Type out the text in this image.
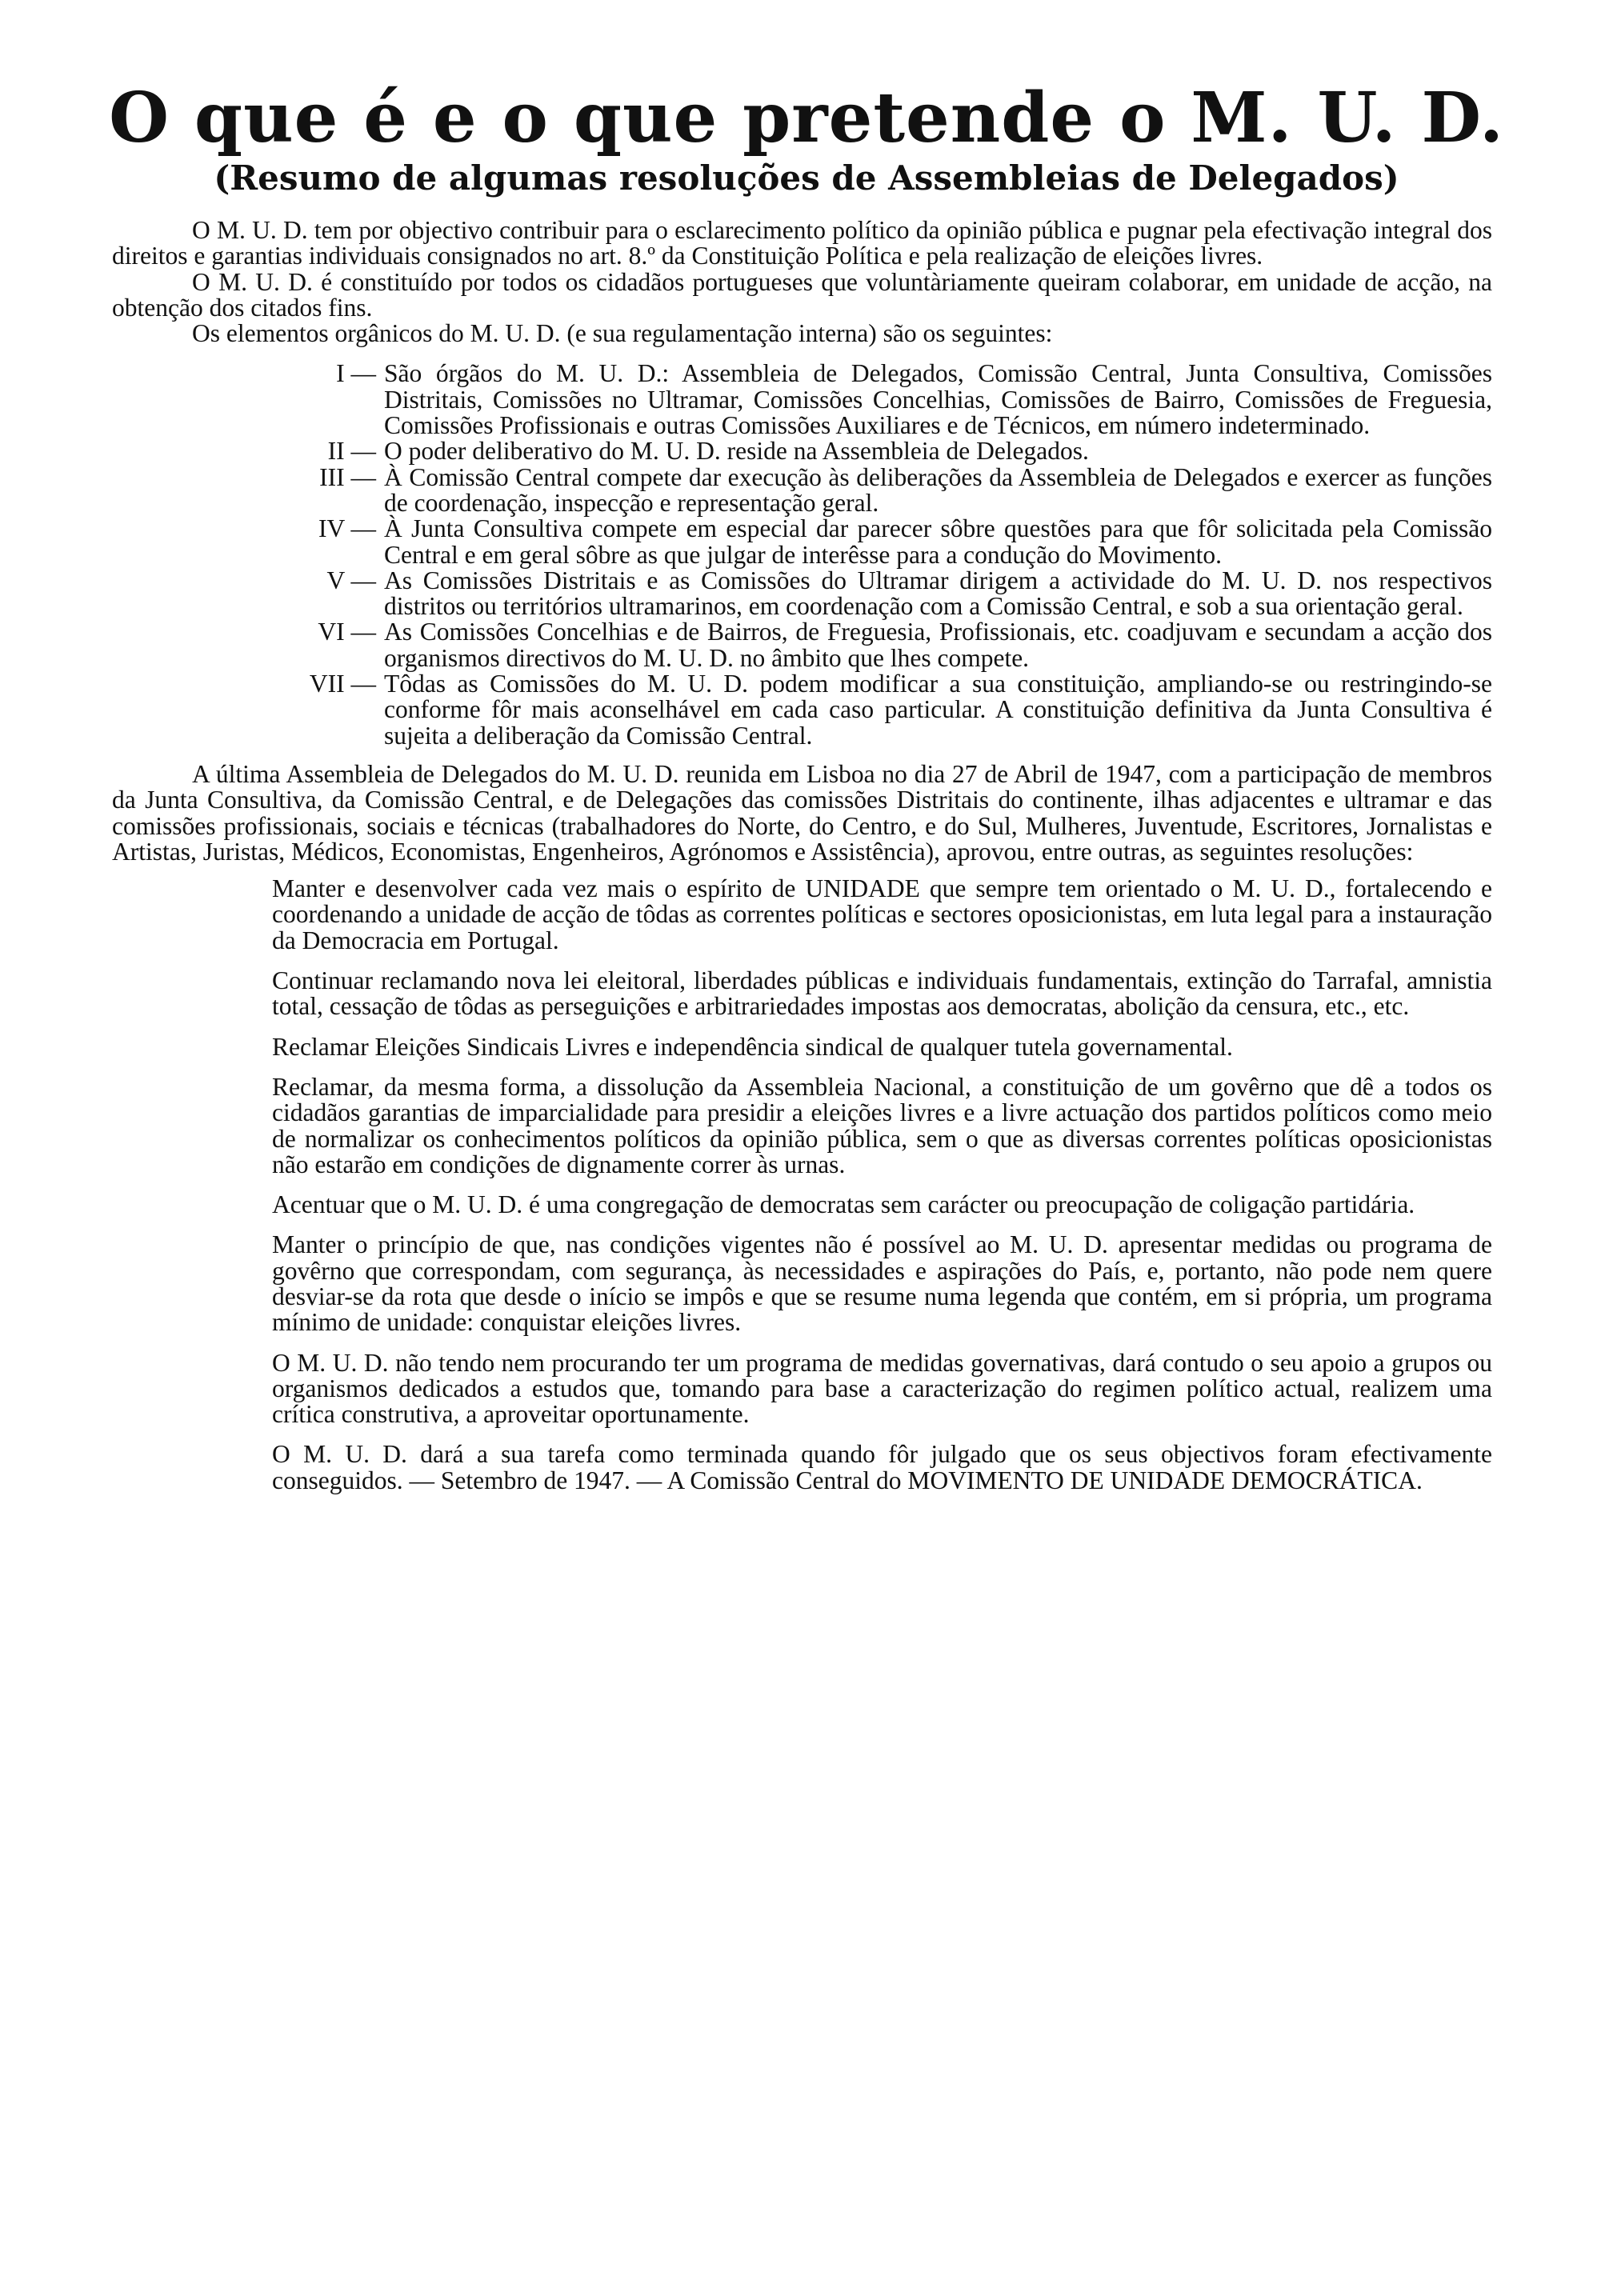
O que é e o que pretende o M. U. D.
(Resumo de algumas resoluções de Assembleias de Delegados)

O M. U. D. tem por objectivo contribuir para o esclarecimento político da opinião pública e pugnar pela efectivação integral dos direitos e garantias individuais consignados no art. 8.º da Constituição Política e pela realização de eleições livres.

O M. U. D. é constituído por todos os cidadãos portugueses que voluntàriamente queiram colaborar, em unidade de acção, na obtenção dos citados fins.

Os elementos orgânicos do M. U. D. (e sua regulamentação interna) são os seguintes:

I — São órgãos do M. U. D.: Assembleia de Delegados, Comissão Central, Junta Consultiva, Comissões Distritais, Comissões no Ultramar, Comissões Concelhias, Comissões de Bairro, Comissões de Freguesia, Comissões Profissionais e outras Comissões Auxiliares e de Técnicos, em número indeterminado.
II — O poder deliberativo do M. U. D. reside na Assembleia de Delegados.
III — À Comissão Central compete dar execução às deliberações da Assembleia de Delegados e exercer as funções de coordenação, inspecção e representação geral.
IV — À Junta Consultiva compete em especial dar parecer sôbre questões para que fôr solicitada pela Comissão Central e em geral sôbre as que julgar de interêsse para a condução do Movimento.
V — As Comissões Distritais e as Comissões do Ultramar dirigem a actividade do M. U. D. nos respectivos distritos ou territórios ultramarinos, em coordenação com a Comissão Central, e sob a sua orientação geral.
VI — As Comissões Concelhias e de Bairros, de Freguesia, Profissionais, etc. coadjuvam e secundam a acção dos organismos directivos do M. U. D. no âmbito que lhes compete.
VII — Tôdas as Comissões do M. U. D. podem modificar a sua constituição, ampliando-se ou restringindo-se conforme fôr mais aconselhável em cada caso particular. A constituição definitiva da Junta Consultiva é sujeita a deliberação da Comissão Central.

A última Assembleia de Delegados do M. U. D. reunida em Lisboa no dia 27 de Abril de 1947, com a participação de membros da Junta Consultiva, da Comissão Central, e de Delegações das comissões Distritais do continente, ilhas adjacentes e ultramar e das comissões profissionais, sociais e técnicas (trabalhadores do Norte, do Centro, e do Sul, Mulheres, Juventude, Escritores, Jornalistas e Artistas, Juristas, Médicos, Economistas, Engenheiros, Agrónomos e Assistência), aprovou, entre outras, as seguintes resoluções:

Manter e desenvolver cada vez mais o espírito de UNIDADE que sempre tem orientado o M. U. D., fortalecendo e coordenando a unidade de acção de tôdas as correntes políticas e sectores oposicionistas, em luta legal para a instauração da Democracia em Portugal.

Continuar reclamando nova lei eleitoral, liberdades públicas e individuais fundamentais, extinção do Tarrafal, amnistia total, cessação de tôdas as perseguições e arbitrariedades impostas aos democratas, abolição da censura, etc., etc.

Reclamar Eleições Sindicais Livres e independência sindical de qualquer tutela governamental.

Reclamar, da mesma forma, a dissolução da Assembleia Nacional, a constituição de um govêrno que dê a todos os cidadãos garantias de imparcialidade para presidir a eleições livres e a livre actuação dos partidos políticos como meio de normalizar os conhecimentos políticos da opinião pública, sem o que as diversas correntes políticas oposicionistas não estarão em condições de dignamente correr às urnas.

Acentuar que o M. U. D. é uma congregação de democratas sem carácter ou preocupação de coligação partidária.

Manter o princípio de que, nas condições vigentes não é possível ao M. U. D. apresentar medidas ou programa de govêrno que correspondam, com segurança, às necessidades e aspirações do País, e, portanto, não pode nem quere desviar-se da rota que desde o início se impôs e que se resume numa legenda que contém, em si própria, um programa mínimo de unidade: conquistar eleições livres.

O M. U. D. não tendo nem procurando ter um programa de medidas governativas, dará contudo o seu apoio a grupos ou organismos dedicados a estudos que, tomando para base a caracterização do regimen político actual, realizem uma crítica construtiva, a aproveitar oportunamente.

O M. U. D. dará a sua tarefa como terminada quando fôr julgado que os seus objectivos foram efectivamente conseguidos. — Setembro de 1947. — A Comissão Central do MOVIMENTO DE UNIDADE DEMOCRÁTICA.
